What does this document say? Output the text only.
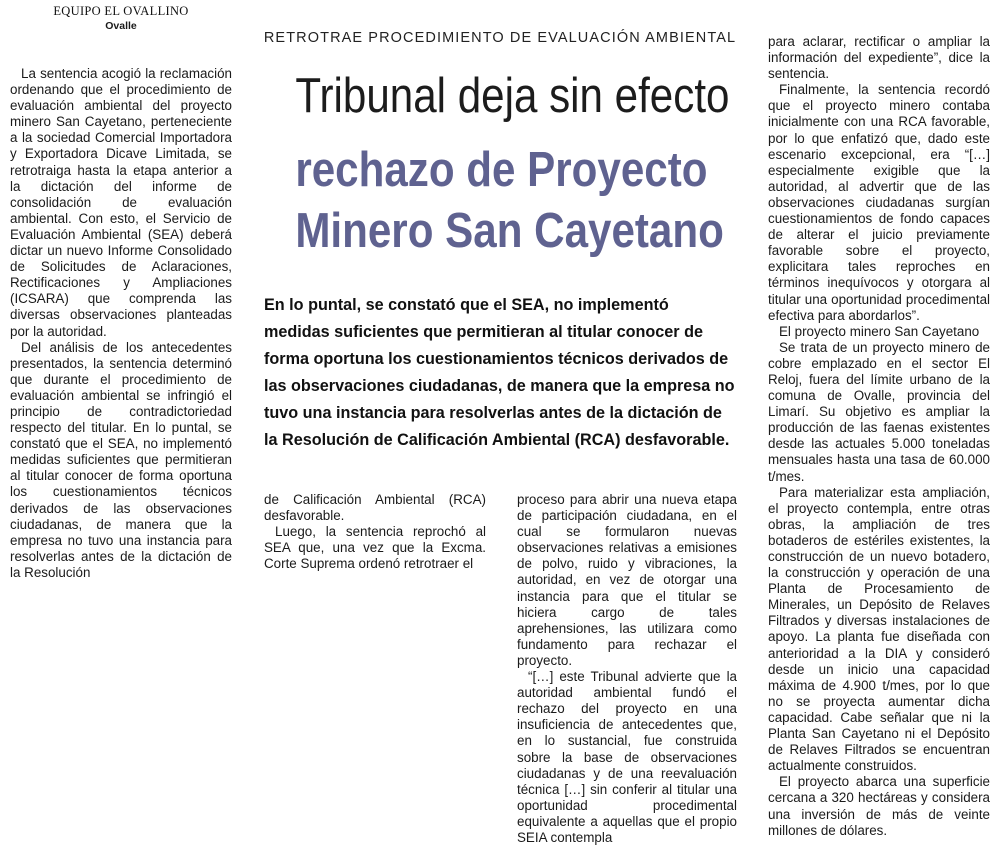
EQUIPO EL OVALLINO
Ovalle
RETROTRAE PROCEDIMIENTO DE EVALUACIÓN AMBIENTAL
Tribunal deja sin efecto
rechazo de Proyecto
Minero San Cayetano
En lo puntal, se constató que el SEA, no implementó medidas suficientes que permitieran al titular conocer de forma oportuna los cuestionamientos técnicos derivados de las observaciones ciudadanas, de manera que la empresa no tuvo una instancia para resolverlas antes de la dictación de la Resolución de Calificación Ambiental (RCA) desfavorable.

La sentencia acogió la reclamación ordenando que el procedimiento de evaluación ambiental del proyecto minero San Cayetano, perteneciente a la sociedad Comercial Importadora y Exportadora Dicave Limitada, se retrotraiga hasta la etapa anterior a la dictación del informe de consolidación de evaluación ambiental. Con esto, el Servicio de Evaluación Ambiental (SEA) deberá dictar un nuevo Informe Consolidado de Solicitudes de Aclaraciones, Rectificaciones y Ampliaciones (ICSARA) que comprenda las diversas observaciones planteadas por la autoridad.

Del análisis de los antecedentes presentados, la sentencia determinó que durante el procedimiento de evaluación ambiental se infringió el principio de contradictoriedad respecto del titular. En lo puntal, se constató que el SEA, no implementó medidas suficientes que permitieran al titular conocer de forma oportuna los cuestionamientos técnicos derivados de las observaciones ciudadanas, de manera que la empresa no tuvo una instancia para resolverlas antes de la dictación de la Resolución

de Calificación Ambiental (RCA) desfavorable.

Luego, la sentencia reprochó al SEA que, una vez que la Excma. Corte Suprema ordenó retrotraer el

proceso para abrir una nueva etapa de participación ciudadana, en el cual se formularon nuevas observaciones relativas a emisiones de polvo, ruido y vibraciones, la autoridad, en vez de otorgar una instancia para que el titular se hiciera cargo de tales aprehensiones, las utilizara como fundamento para rechazar el proyecto.

“[…] este Tribunal advierte que la autoridad ambiental fundó el rechazo del proyecto en una insuficiencia de antecedentes que, en lo sustancial, fue construida sobre la base de observaciones ciudadanas y de una reevaluación técnica […] sin conferir al titular una oportunidad procedimental equivalente a aquellas que el propio SEIA contempla

para aclarar, rectificar o ampliar la información del expediente”, dice la sentencia.

Finalmente, la sentencia recordó que el proyecto minero contaba inicialmente con una RCA favorable, por lo que enfatizó que, dado este escenario excepcional, era “[…] especialmente exigible que la autoridad, al advertir que de las observaciones ciudadanas surgían cuestionamientos de fondo capaces de alterar el juicio previamente favorable sobre el proyecto, explicitara tales reproches en términos inequívocos y otorgara al titular una oportunidad procedimental efectiva para abordarlos”.

El proyecto minero San Cayetano

Se trata de un proyecto minero de cobre emplazado en el sector El Reloj, fuera del límite urbano de la comuna de Ovalle, provincia del Limarí. Su objetivo es ampliar la producción de las faenas existentes desde las actuales 5.000 toneladas mensuales hasta una tasa de 60.000 t/mes.

Para materializar esta ampliación, el proyecto contempla, entre otras obras, la ampliación de tres botaderos de estériles existentes, la construcción de un nuevo botadero, la construcción y operación de una Planta de Procesamiento de Minerales, un Depósito de Relaves Filtrados y diversas instalaciones de apoyo. La planta fue diseñada con anterioridad a la DIA y consideró desde un inicio una capacidad máxima de 4.900 t/mes, por lo que no se proyecta aumentar dicha capacidad. Cabe señalar que ni la Planta San Cayetano ni el Depósito de Relaves Filtrados se encuentran actualmente construidos.

El proyecto abarca una superficie cercana a 320 hectáreas y considera una inversión de más de veinte millones de dólares.
